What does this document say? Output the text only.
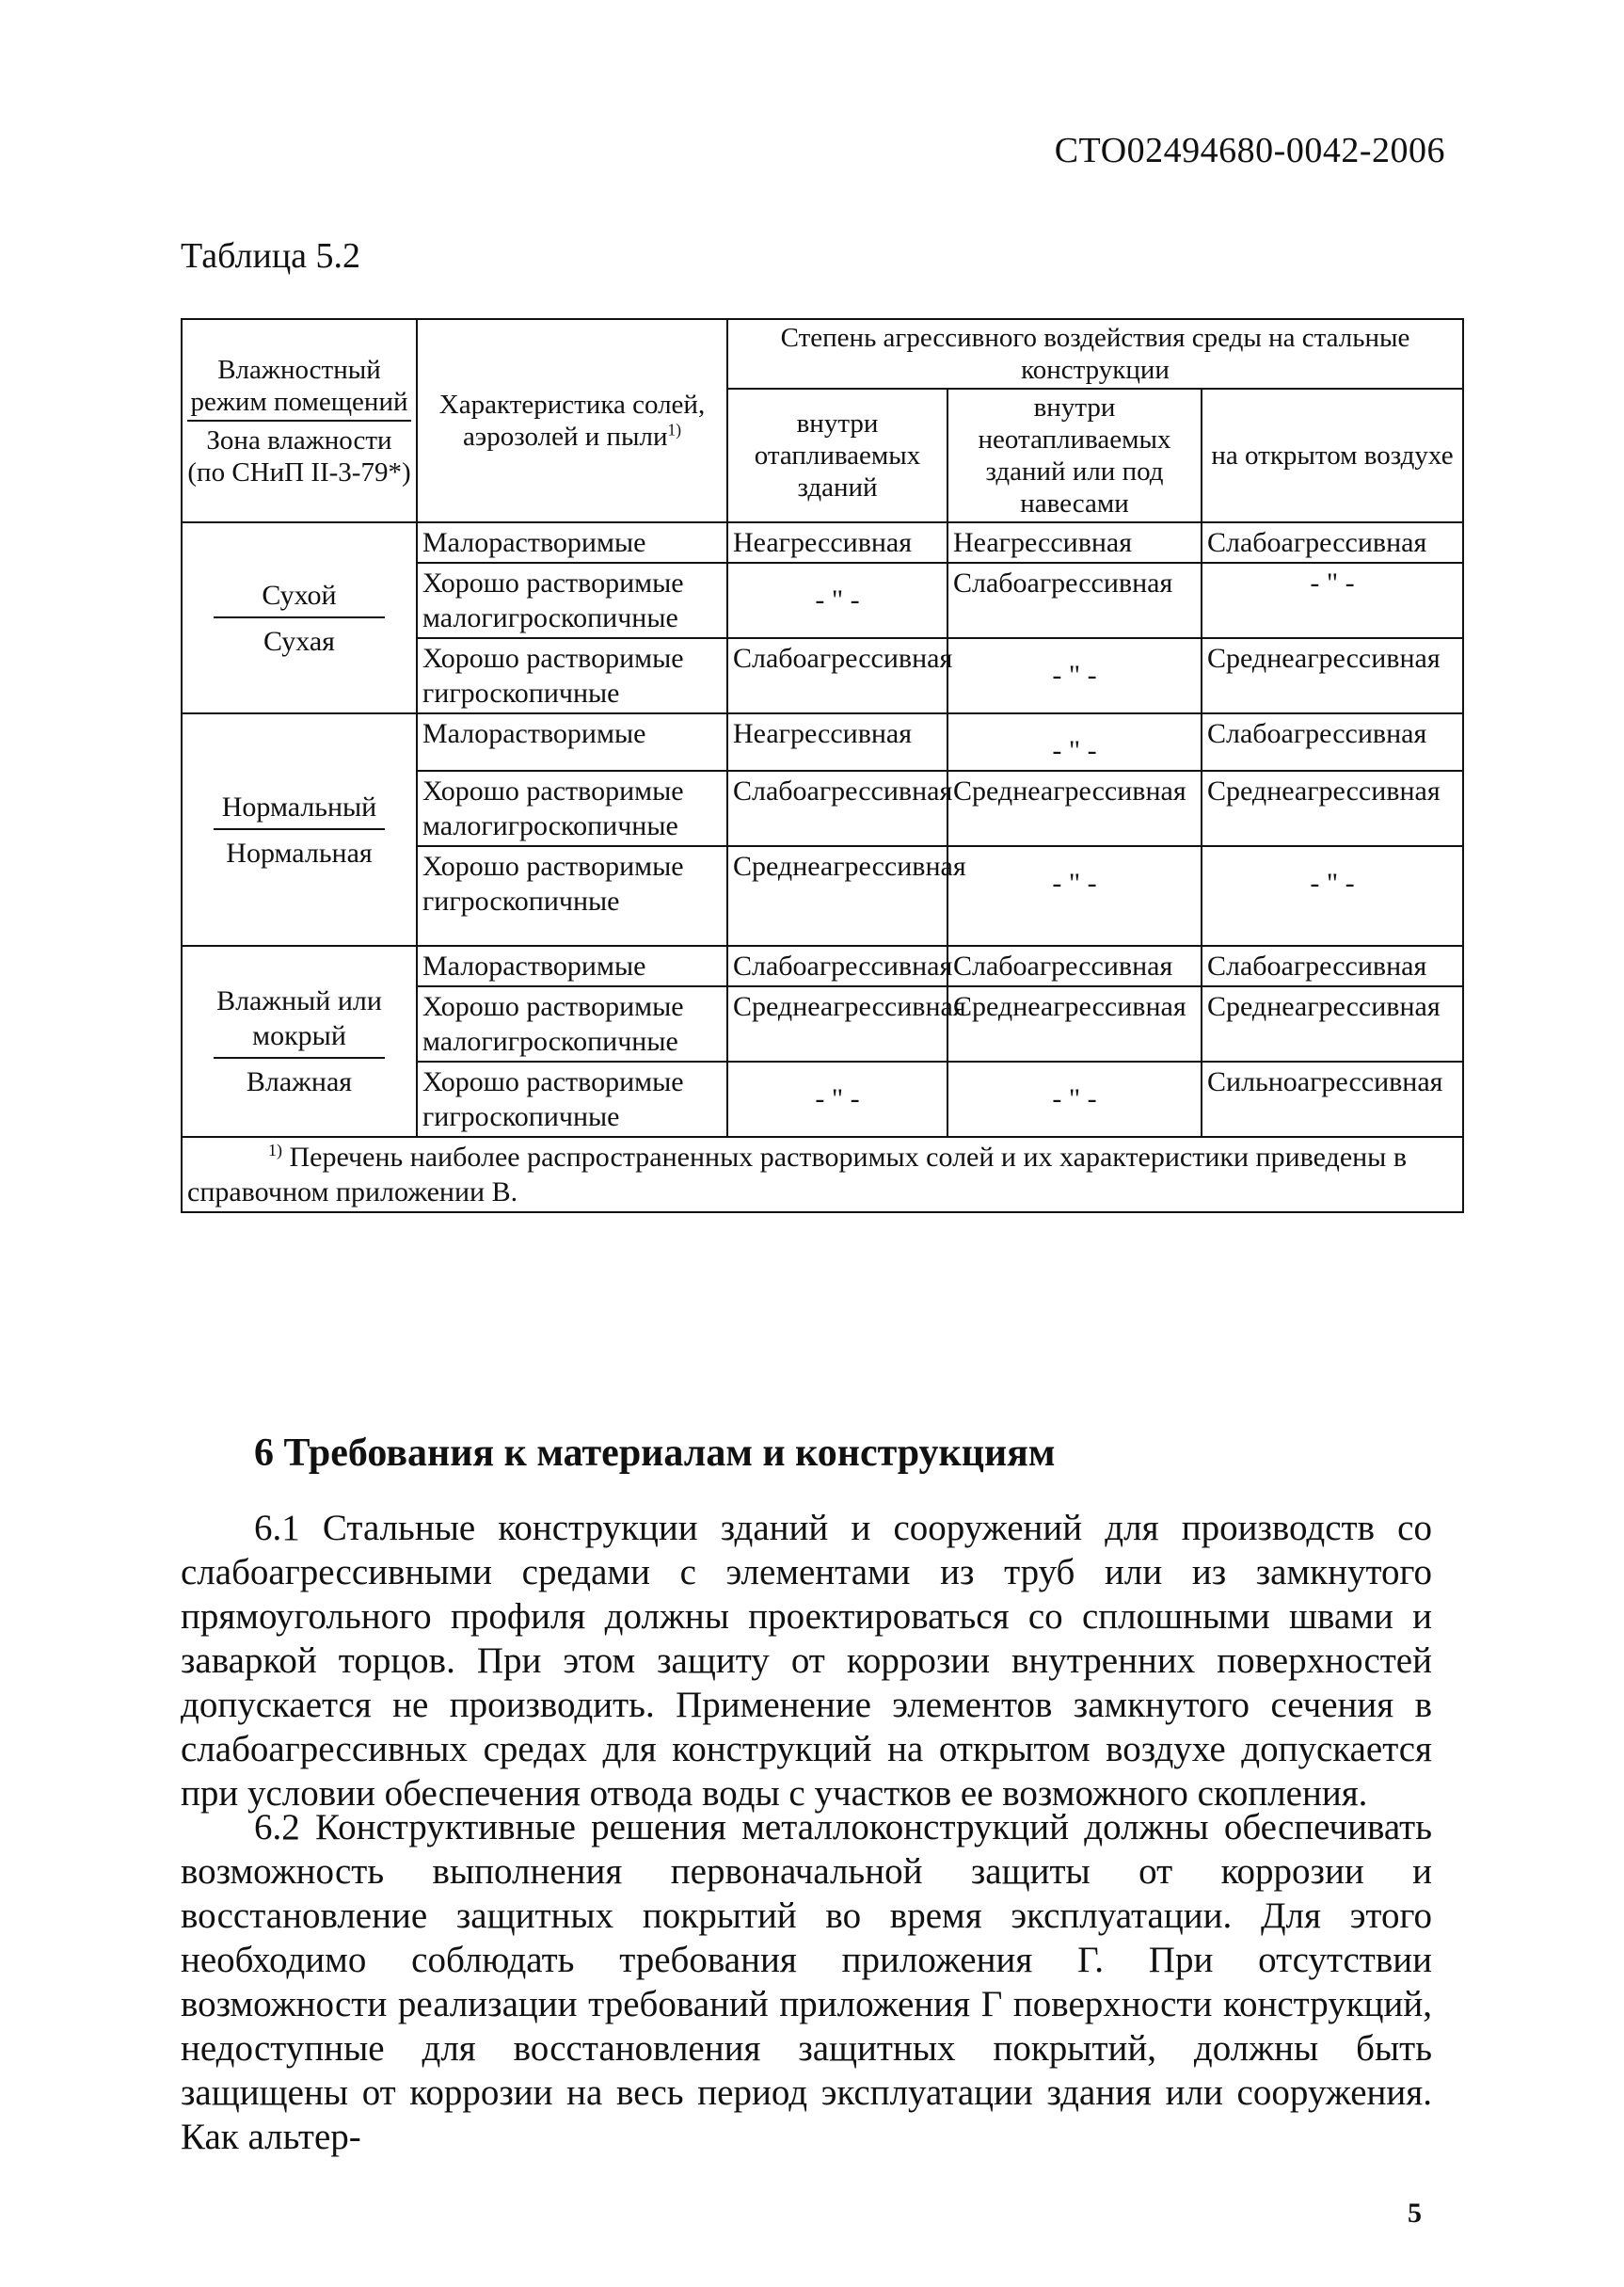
СТО02494680-0042-2006
Таблица 5.2
Влажностный режим помещений
Зона влажности (по СНиП II-3-79*)	Характеристика солей, аэрозолей и пыли$^{1)}$	Степень агрессивного воздействия среды на стальные конструкции		
		внутри отапливаемых зданий	внутри неотапливаемых зданий или под навесами	на открытом воздухе

Сухой
Сухая	Малорастворимые	Неагрессивная	Неагрессивная	Слабоагрессивная
	Хорошо растворимые малогигроскопичные	- " -	Слабоагрессивная	- " -
	Хорошо растворимые гигроскопичные	Слабоагрессивная	- " -	Среднеагрессивная

Нормальный
Нормальная	Малорастворимые	Неагрессивная	- " -	Слабоагрессивная
	Хорошо растворимые малогигроскопичные	Слабоагрессивная	Среднеагрессивная	Среднеагрессивная
	Хорошо растворимые гигроскопичные	Среднеагрессивная	- " -	- " -

Влажный или мокрый
Влажная	Малорастворимые	Слабоагрессивная	Слабоагрессивная	Слабоагрессивная
	Хорошо растворимые малогигроскопичные	Среднеагрессивная	Среднеагрессивная	Среднеагрессивная
	Хорошо растворимые гигроскопичные	- " -	- " -	Сильноагрессивная
$^{1)}$ Перечень наиболее распространенных растворимых солей и их характеристики приведены в справочном приложении В.				
6 Требования к материалам и конструкциям

6.1 Стальные конструкции зданий и сооружений для производств со слабоагрессивными средами с элементами из труб или из замкнутого прямоугольного профиля должны проектироваться со сплошными швами и заваркой торцов. При этом защиту от коррозии внутренних поверхностей допускается не производить. Применение элементов замкнутого сечения в слабоагрессивных средах для конструкций на открытом воздухе допускается при условии обеспечения отвода воды с участков ее возможного скопления.

6.2 Конструктивные решения металлоконструкций должны обеспечивать возможность выполнения первоначальной защиты от коррозии и восстановление защитных покрытий во время эксплуатации. Для этого необходимо соблюдать требования приложения Г. При отсутствии возможности реализации требований приложения Г поверхности конструкций, недоступные для восстановления защитных покрытий, должны быть защищены от коррозии на весь период эксплуатации здания или сооружения. Как альтер-

5
